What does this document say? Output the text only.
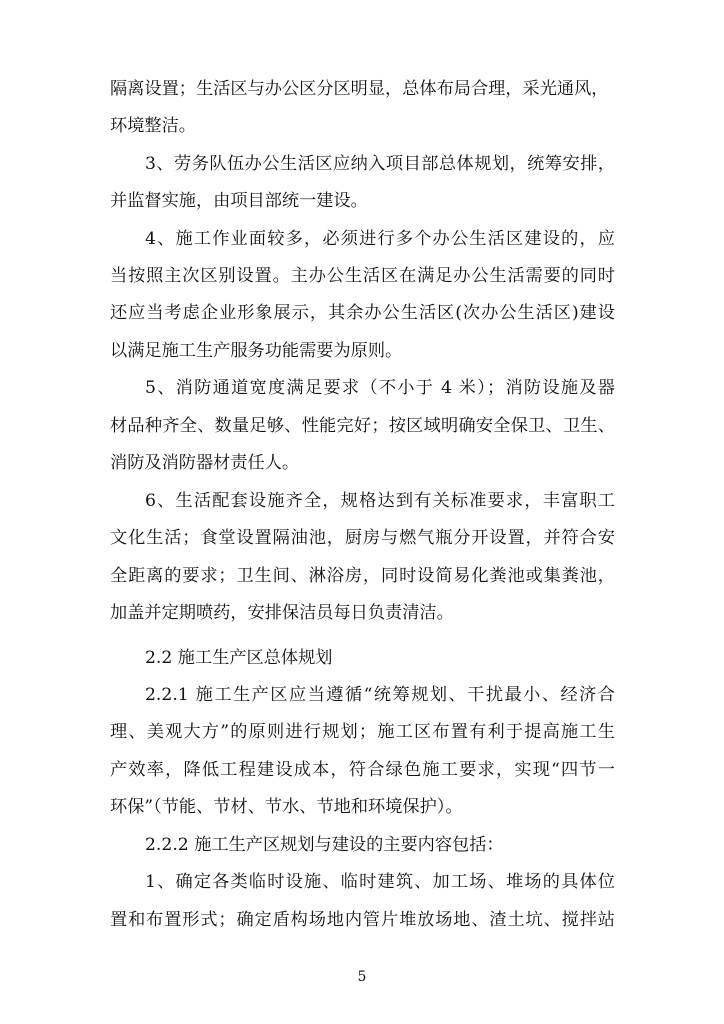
隔离设置；生活区与办公区分区明显，总体布局合理，采光通风，
环境整洁。
3、劳务队伍办公生活区应纳入项目部总体规划，统筹安排，
并监督实施，由项目部统一建设。
4、施工作业面较多，必须进行多个办公生活区建设的，应
当按照主次区别设置。主办公生活区在满足办公生活需要的同时
还应当考虑企业形象展示，其余办公生活区(次办公生活区)建设
以满足施工生产服务功能需要为原则。
5、消防通道宽度满足要求（不小于 4 米）；消防设施及器
材品种齐全、数量足够、性能完好；按区域明确安全保卫、卫生、
消防及消防器材责任人。
6、生活配套设施齐全，规格达到有关标准要求，丰富职工
文化生活；食堂设置隔油池，厨房与燃气瓶分开设置，并符合安
全距离的要求；卫生间、淋浴房，同时设简易化粪池或集粪池，
加盖并定期喷药，安排保洁员每日负责清洁。
2.2 施工生产区总体规划
2.2.1 施工生产区应当遵循“统筹规划、干扰最小、经济合
理、美观大方”的原则进行规划；施工区布置有利于提高施工生
产效率，降低工程建设成本，符合绿色施工要求，实现“四节一
环保”（节能、节材、节水、节地和环境保护）。
2.2.2 施工生产区规划与建设的主要内容包括：
1、确定各类临时设施、临时建筑、加工场、堆场的具体位
置和布置形式；确定盾构场地内管片堆放场地、渣土坑、搅拌站
5
